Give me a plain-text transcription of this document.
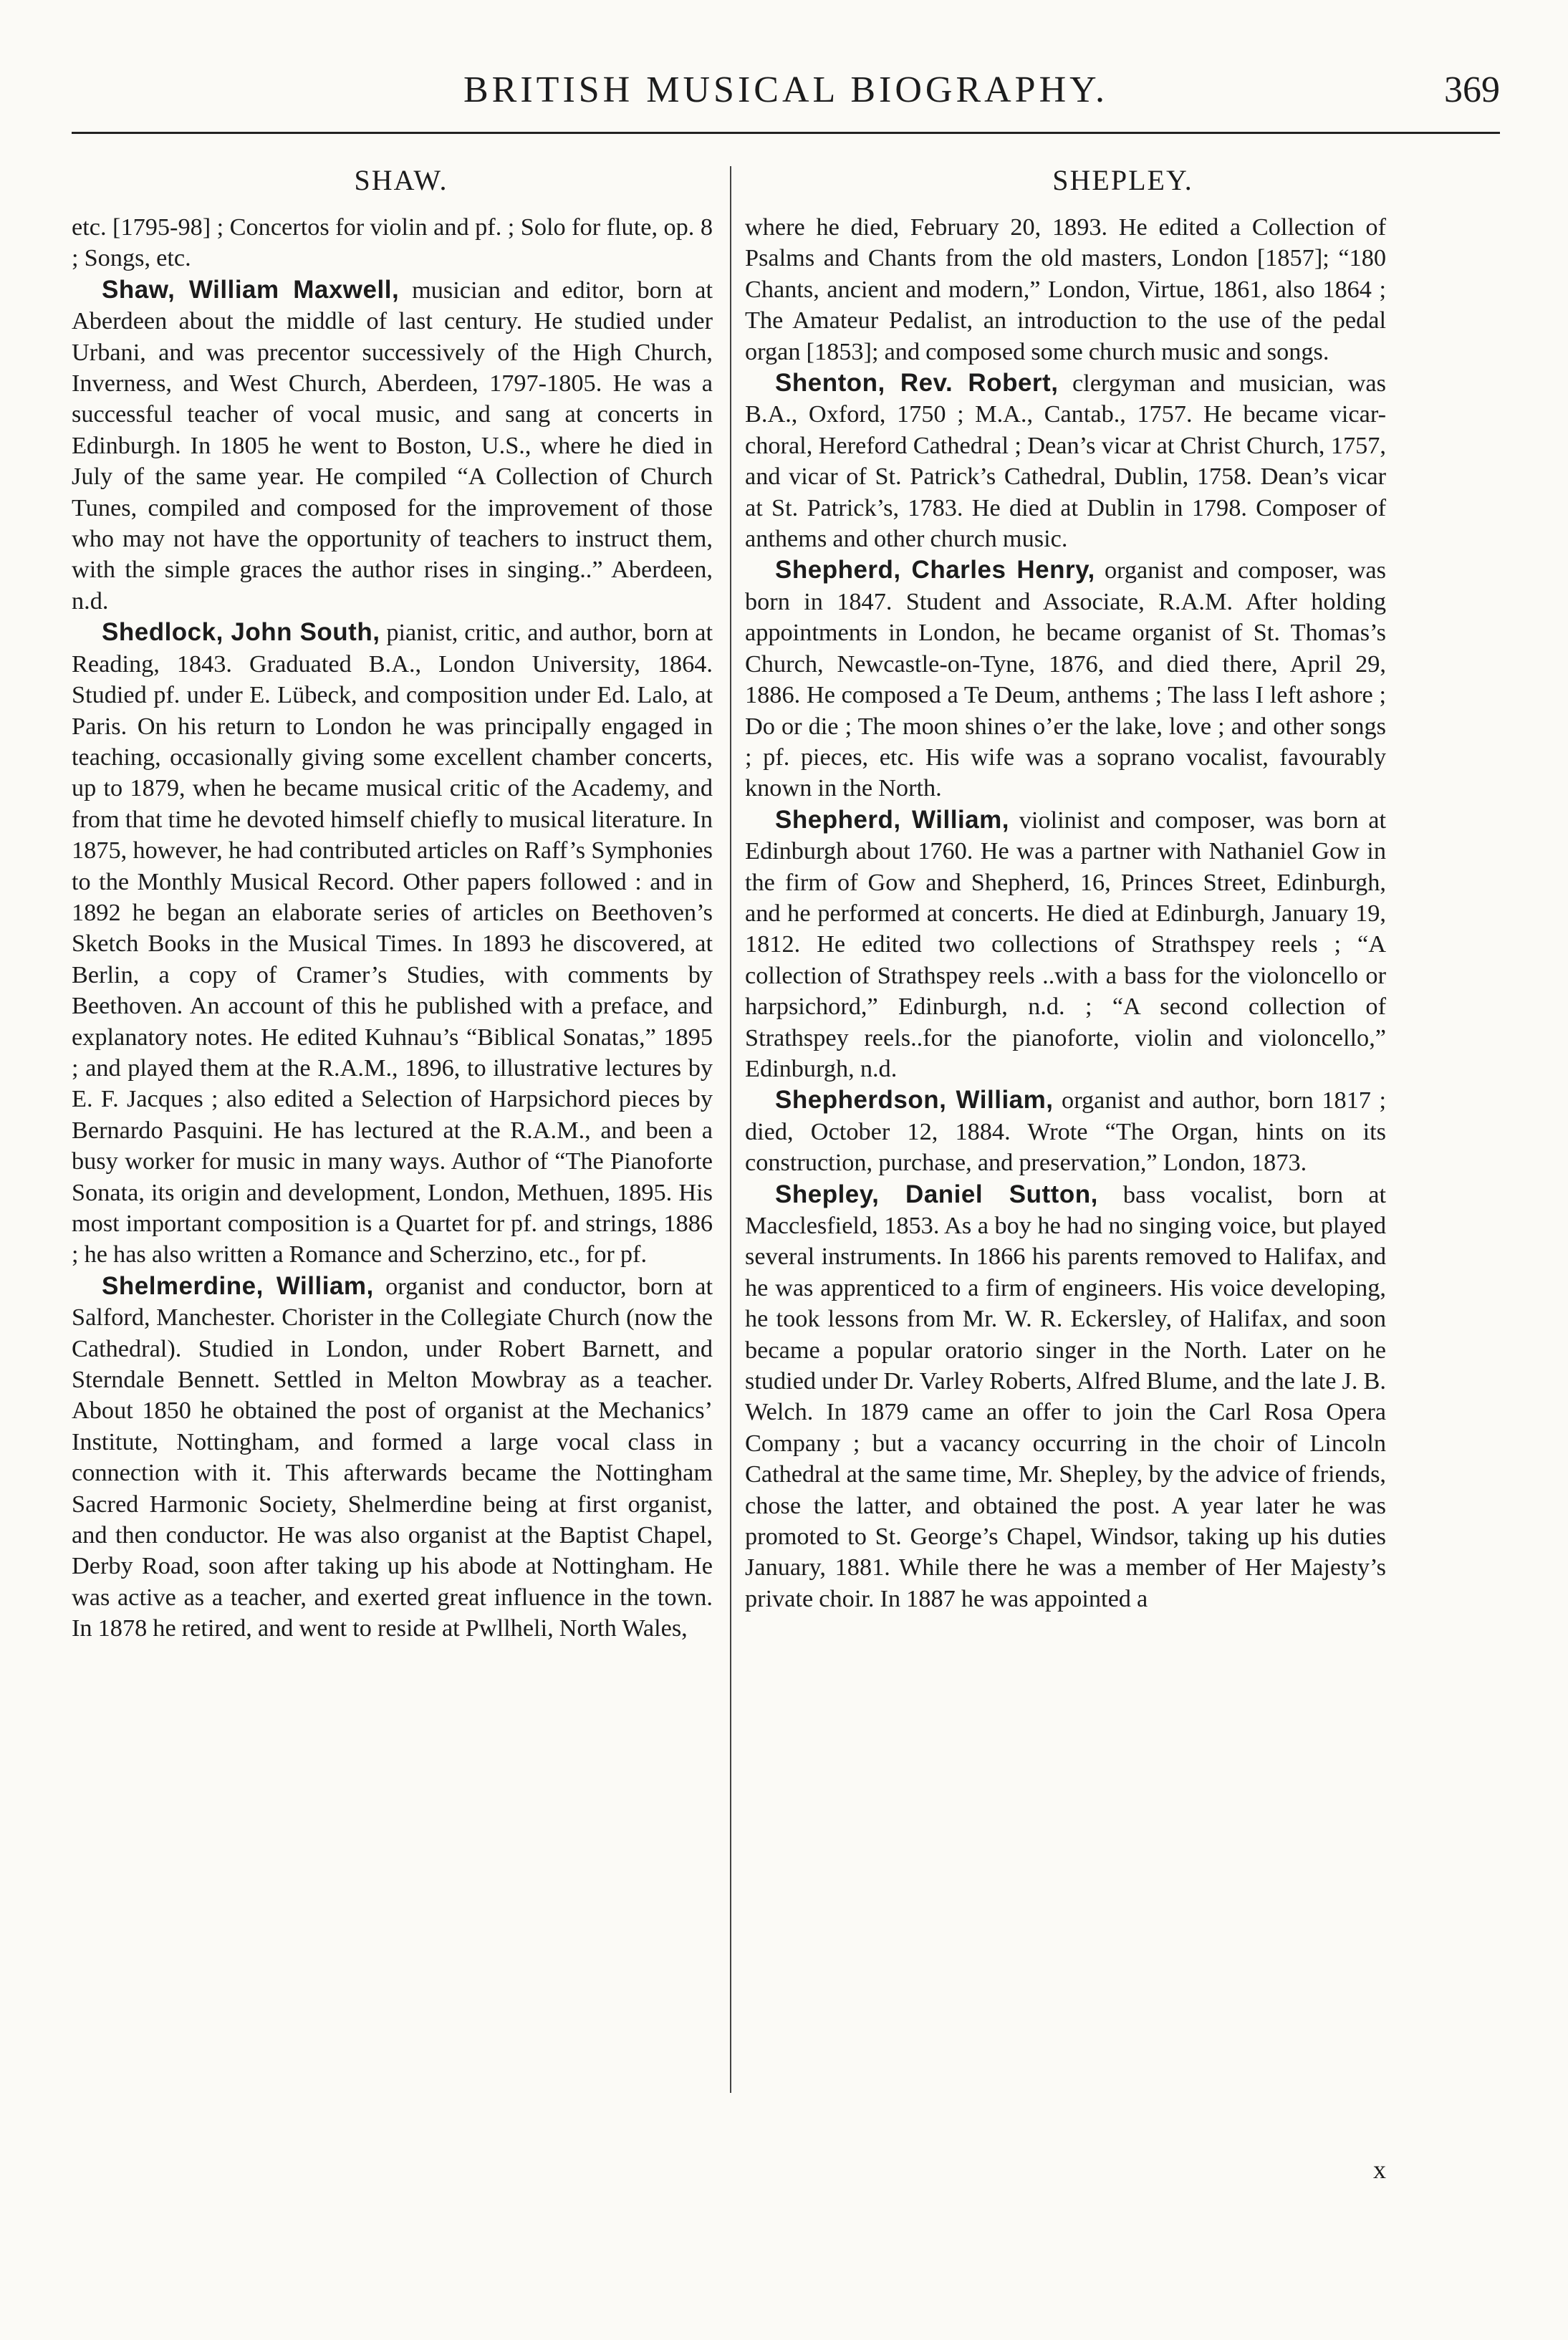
BRITISH MUSICAL BIOGRAPHY.	369
SHAW.	SHEPLEY.

etc. [1795-98] ; Concertos for violin and pf. ; Solo for flute, op. 8 ; Songs, etc.

Shaw, William Maxwell, musician and editor, born at Aberdeen about the middle of last century. He studied under Urbani, and was precentor successively of the High Church, Inverness, and West Church, Aberdeen, 1797-1805. He was a successful teacher of vocal music, and sang at concerts in Edinburgh. In 1805 he went to Boston, U.S., where he died in July of the same year. He compiled “A Collection of Church Tunes, compiled and composed for the improvement of those who may not have the opportunity of teachers to instruct them, with the simple graces the author rises in singing..” Aberdeen, n.d.

Shedlock, John South, pianist, critic, and author, born at Reading, 1843. Graduated B.A., London University, 1864. Studied pf. under E. Lübeck, and composition under Ed. Lalo, at Paris. On his return to London he was principally engaged in teaching, occasionally giving some excellent chamber concerts, up to 1879, when he became musical critic of the Academy, and from that time he devoted himself chiefly to musical literature. In 1875, however, he had contributed articles on Raff’s Symphonies to the Monthly Musical Record. Other papers followed : and in 1892 he began an elaborate series of articles on Beethoven’s Sketch Books in the Musical Times. In 1893 he discovered, at Berlin, a copy of Cramer’s Studies, with comments by Beethoven. An account of this he published with a preface, and explanatory notes. He edited Kuhnau’s “Biblical Sonatas,” 1895 ; and played them at the R.A.M., 1896, to illustrative lectures by E. F. Jacques ; also edited a Selection of Harpsichord pieces by Bernardo Pasquini. He has lectured at the R.A.M., and been a busy worker for music in many ways. Author of “The Pianoforte Sonata, its origin and development, London, Methuen, 1895. His most important composition is a Quartet for pf. and strings, 1886 ; he has also written a Romance and Scherzino, etc., for pf.

Shelmerdine, William, organist and conductor, born at Salford, Manchester. Chorister in the Collegiate Church (now the Cathedral). Studied in London, under Robert Barnett, and Sterndale Bennett. Settled in Melton Mowbray as a teacher. About 1850 he obtained the post of organist at the Mechanics’ Institute, Nottingham, and formed a large vocal class in connection with it. This afterwards became the Nottingham Sacred Harmonic Society, Shelmerdine being at first organist, and then conductor. He was also organist at the Baptist Chapel, Derby Road, soon after taking up his abode at Nottingham. He was active as a teacher, and exerted great influence in the town. In 1878 he retired, and went to reside at Pwllheli, North Wales,

where he died, February 20, 1893. He edited a Collection of Psalms and Chants from the old masters, London [1857]; “180 Chants, ancient and modern,” London, Virtue, 1861, also 1864 ; The Amateur Pedalist, an introduction to the use of the pedal organ [1853]; and composed some church music and songs.

Shenton, Rev. Robert, clergyman and musician, was B.A., Oxford, 1750 ; M.A., Cantab., 1757. He became vicar-choral, Hereford Cathedral ; Dean’s vicar at Christ Church, 1757, and vicar of St. Patrick’s Cathedral, Dublin, 1758. Dean’s vicar at St. Patrick’s, 1783. He died at Dublin in 1798. Composer of anthems and other church music.

Shepherd, Charles Henry, organist and composer, was born in 1847. Student and Associate, R.A.M. After holding appointments in London, he became organist of St. Thomas’s Church, Newcastle-on-Tyne, 1876, and died there, April 29, 1886. He composed a Te Deum, anthems ; The lass I left ashore ; Do or die ; The moon shines o’er the lake, love ; and other songs ; pf. pieces, etc. His wife was a soprano vocalist, favourably known in the North.

Shepherd, William, violinist and composer, was born at Edinburgh about 1760. He was a partner with Nathaniel Gow in the firm of Gow and Shepherd, 16, Princes Street, Edinburgh, and he performed at concerts. He died at Edinburgh, January 19, 1812. He edited two collections of Strathspey reels ; “A collection of Strathspey reels ..with a bass for the violoncello or harpsichord,” Edinburgh, n.d. ; “A second collection of Strathspey reels..for the pianoforte, violin and violoncello,” Edinburgh, n.d.

Shepherdson, William, organist and author, born 1817 ; died, October 12, 1884. Wrote “The Organ, hints on its construction, purchase, and preservation,” London, 1873.

Shepley, Daniel Sutton, bass vocalist, born at Macclesfield, 1853. As a boy he had no singing voice, but played several instruments. In 1866 his parents removed to Halifax, and he was apprenticed to a firm of engineers. His voice developing, he took lessons from Mr. W. R. Eckersley, of Halifax, and soon became a popular oratorio singer in the North. Later on he studied under Dr. Varley Roberts, Alfred Blume, and the late J. B. Welch. In 1879 came an offer to join the Carl Rosa Opera Company ; but a vacancy occurring in the choir of Lincoln Cathedral at the same time, Mr. Shepley, by the advice of friends, chose the latter, and obtained the post. A year later he was promoted to St. George’s Chapel, Windsor, taking up his duties January, 1881. While there he was a member of Her Majesty’s private choir. In 1887 he was appointed a

x
